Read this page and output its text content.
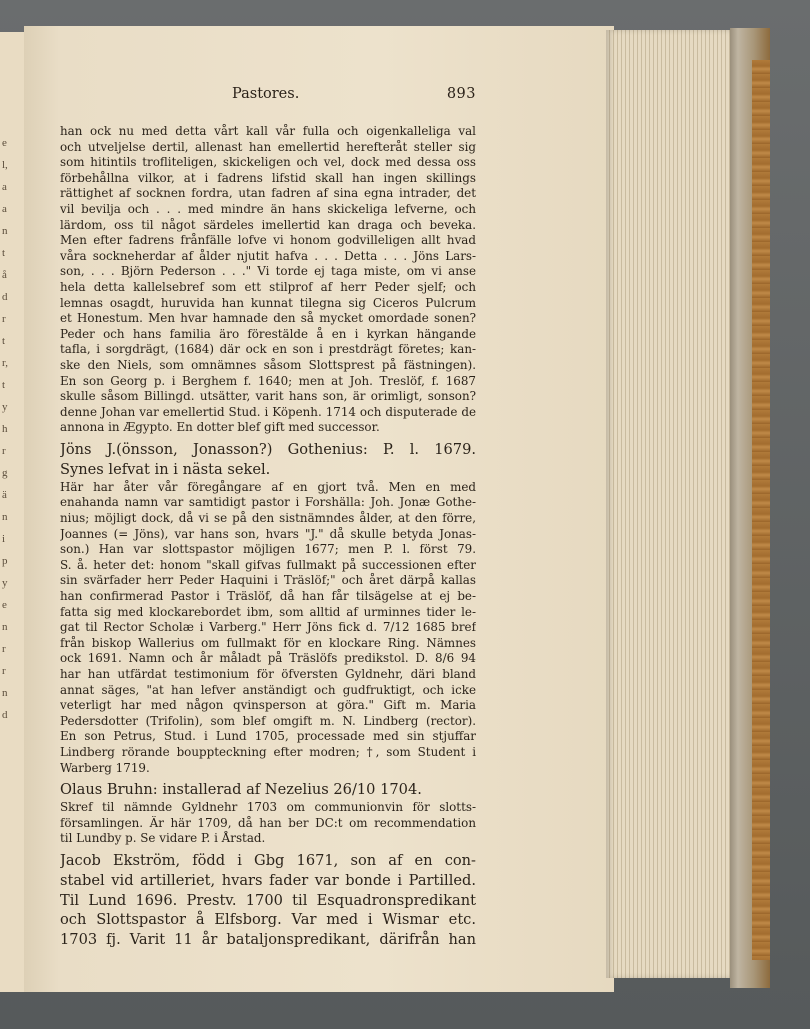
e
l,
a
a
n
t
å
d
r
t
r,
t
y
h
r
g
ä
n
i
p
y
e
n
r
r
n
d
Pastores.	893
han ock nu med detta vårt kall vår fulla och oigenkalleliga val
och utveljelse dertil, allenast han emellertid herefteråt steller sig
som hitintils trofliteligen, skickeligen och vel, dock med dessa oss
förbehållna vilkor, at i fadrens lifstid skall han ingen skillings
rättighet af socknen fordra, utan fadren af sina egna intrader, det
vil bevilja och . . . med mindre än hans skickeliga lefverne, och
lärdom, oss til något särdeles imellertid kan draga och beveka.
Men efter fadrens frånfälle lofve vi honom godvilleligen allt hvad
våra sockneherdar af ålder njutit hafva . . . Detta . . . Jöns Lars-
son, . . . Björn Pederson . . ." Vi torde ej taga miste, om vi anse
hela detta kallelsebref som ett stilprof af herr Peder sjelf; och
lemnas osagdt, huruvida han kunnat tilegna sig Ciceros Pulcrum
et Honestum. Men hvar hamnade den så mycket omordade sonen?
Peder och hans familia äro förestälde å en i kyrkan hängande
tafla, i sorgdrägt, (1684) där ock en son i prestdrägt företes; kan-
ske den Niels, som omnämnes såsom Slottsprest på fästningen).
En son Georg p. i Berghem f. 1640; men at Joh. Treslöf, f. 1687
skulle såsom Billingd. utsätter, varit hans son, är orimligt, sonson?
denne Johan var emellertid Stud. i Köpenh. 1714 och disputerade de
annona in Ægypto. En dotter blef gift med successor.
Jöns J.(önsson, Jonasson?) Gothenius: P. l. 1679.
Synes lefvat in i nästa sekel.
Här har åter vår föregångare af en gjort två. Men en med
enahanda namn var samtidigt pastor i Forshälla: Joh. Jonæ Gothe-
nius; möjligt dock, då vi se på den sistnämndes ålder, at den förre,
Joannes (= Jöns), var hans son, hvars "J." då skulle betyda Jonas-
son.) Han var slottspastor möjligen 1677; men P. l. först 79.
S. å. heter det: honom "skall gifvas fullmakt på successionen efter
sin svärfader herr Peder Haquini i Träslöf;" och året därpå kallas
han confirmerad Pastor i Träslöf, då han får tilsägelse at ej be-
fatta sig med klockarebordet ibm, som alltid af urminnes tider le-
gat til Rector Scholæ i Varberg." Herr Jöns fick d. 7/12 1685 bref
från biskop Wallerius om fullmakt för en klockare Ring. Nämnes
ock 1691. Namn och år måladt på Träslöfs predikstol. D. 8/6 94
har han utfärdat testimonium för öfversten Gyldnehr, däri bland
annat säges, "at han lefver anständigt och gudfruktigt, och icke
veterligt har med någon qvinsperson at göra." Gift m. Maria
Pedersdotter (Trifolin), som blef omgift m. N. Lindberg (rector).
En son Petrus, Stud. i Lund 1705, processade med sin stjuffar
Lindberg rörande bouppteckning efter modren; †, som Student i
Warberg 1719.
Olaus Bruhn: installerad af Nezelius 26/10 1704.
Skref til nämnde Gyldnehr 1703 om communionvin för slotts-
församlingen. Är här 1709, då han ber DC:t om recommendation
til Lundby p. Se vidare P. i Årstad.
Jacob Ekström, född i Gbg 1671, son af en con-
stabel vid artilleriet, hvars fader var bonde i Partilled.
Til Lund 1696. Prestv. 1700 til Esquadronspredikant
och Slottspastor å Elfsborg. Var med i Wismar etc.
1703 fj. Varit 11 år bataljonspredikant, därifrån han
